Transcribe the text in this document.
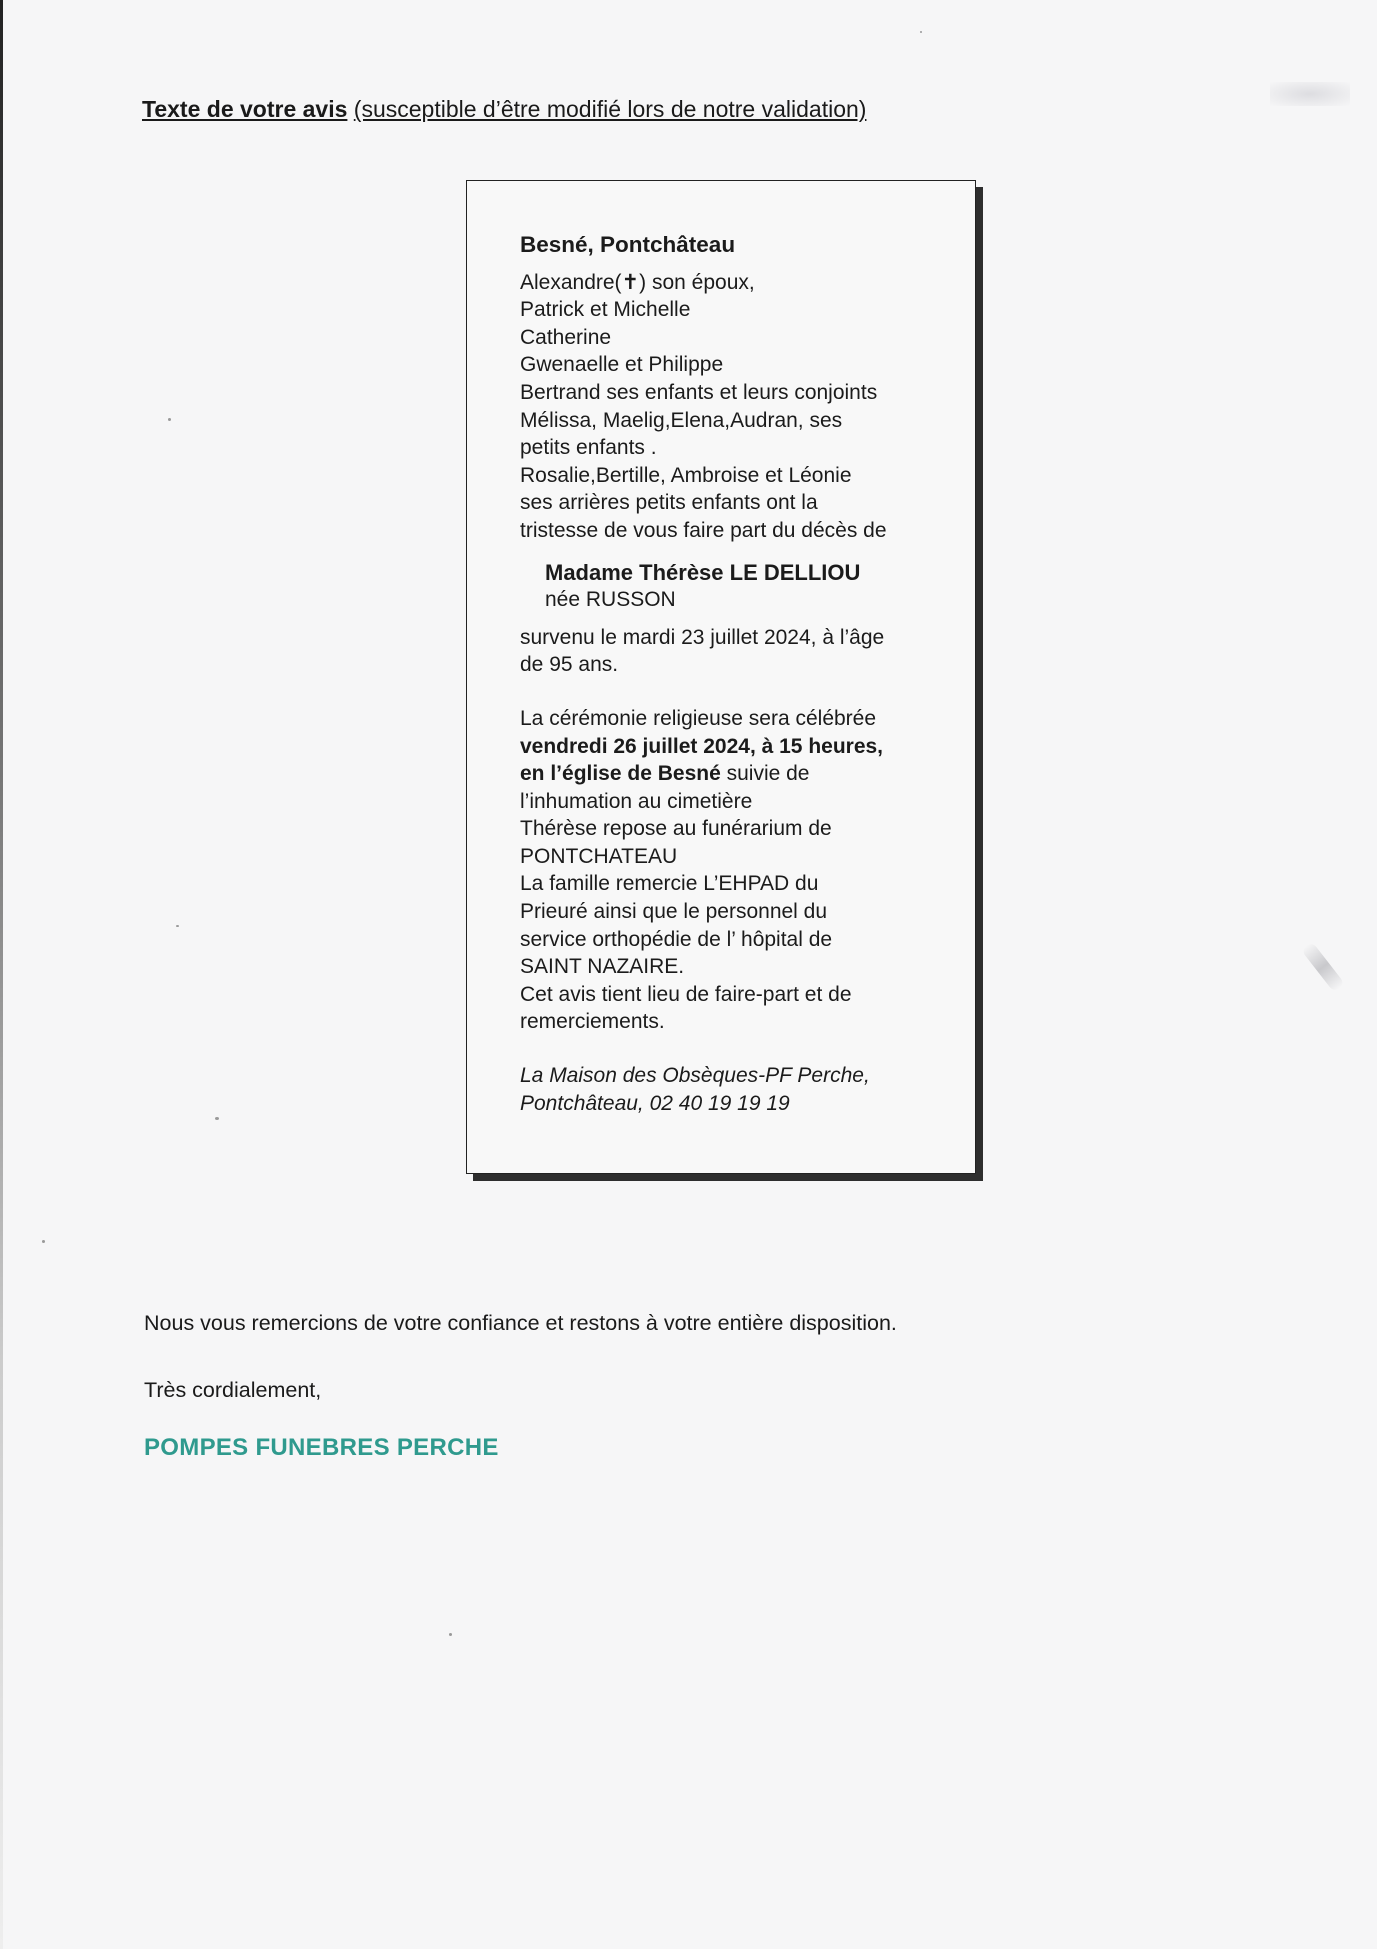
Texte de votre avis (susceptible d’être modifié lors de notre validation)
Besné, Pontchâteau
Alexandre(✝) son époux,
Patrick et Michelle
Catherine
Gwenaelle et Philippe
Bertrand ses enfants et leurs conjoints
Mélissa, Maelig,Elena,Audran, ses
petits enfants .
Rosalie,Bertille, Ambroise et Léonie
ses arrières petits enfants ont la
tristesse de vous faire part du décès de
Madame Thérèse LE DELLIOU
née RUSSON
survenu le mardi 23 juillet 2024, à l’âge
de 95 ans.
La cérémonie religieuse sera célébrée
vendredi 26 juillet 2024, à 15 heures,
en l’église de Besné suivie de
l’inhumation au cimetière
Thérèse repose au funérarium de
PONTCHATEAU
La famille remercie L’EHPAD du
Prieuré ainsi que le personnel du
service orthopédie de l’ hôpital de
SAINT NAZAIRE.
Cet avis tient lieu de faire-part et de
remerciements.
La Maison des Obsèques-PF Perche,
Pontchâteau, 02 40 19 19 19
Nous vous remercions de votre confiance et restons à votre entière disposition.
Très cordialement,
POMPES FUNEBRES PERCHE
